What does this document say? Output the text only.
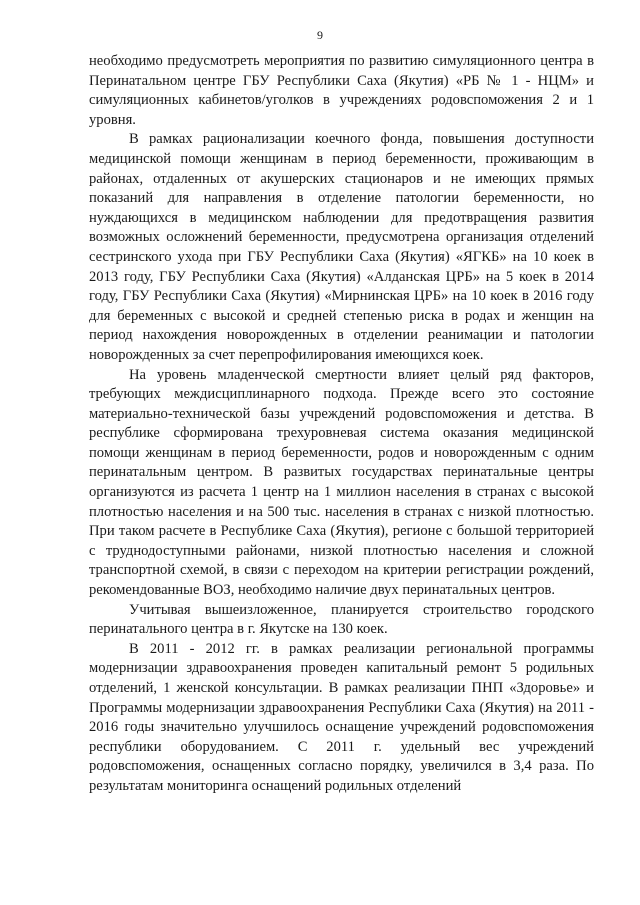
9

необходимо предусмотреть мероприятия по развитию симуляционного центра в Перинатальном центре ГБУ Республики Саха (Якутия) «РБ № 1 - НЦМ» и симуляционных кабинетов/уголков в учреждениях родовспоможения 2 и 1 уровня.

В рамках рационализации коечного фонда, повышения доступности медицинской помощи женщинам в период беременности, проживающим в районах, отдаленных от акушерских стационаров и не имеющих прямых показаний для направления в отделение патологии беременности, но нуждающихся в медицинском наблюдении для предотвращения развития возможных осложнений беременности, предусмотрена организация отделений сестринского ухода при ГБУ Республики Саха (Якутия) «ЯГКБ» на 10 коек в 2013 году, ГБУ Республики Саха (Якутия) «Алданская ЦРБ» на 5 коек в 2014 году, ГБУ Республики Саха (Якутия) «Мирнинская ЦРБ» на 10 коек в 2016 году для беременных с высокой и средней степенью риска в родах и женщин на период нахождения новорожденных в отделении реанимации и патологии новорожденных за счет перепрофилирования имеющихся коек.

На уровень младенческой смертности влияет целый ряд факторов, требующих междисциплинарного подхода. Прежде всего это состояние материально-технической базы учреждений родовспоможения и детства. В республике сформирована трехуровневая система оказания медицинской помощи женщинам в период беременности, родов и новорожденным с одним перинатальным центром. В развитых государствах перинатальные центры организуются из расчета 1 центр на 1 миллион населения в странах с высокой плотностью населения и на 500 тыс. населения в странах с низкой плотностью. При таком расчете в Республике Саха (Якутия), регионе с большой территорией с труднодоступными районами, низкой плотностью населения и сложной транспортной схемой, в связи с переходом на критерии регистрации рождений, рекомендованные ВОЗ, необходимо наличие двух перинатальных центров.

Учитывая вышеизложенное, планируется строительство городского перинатального центра в г. Якутске на 130 коек.

В 2011 - 2012 гг. в рамках реализации региональной программы модернизации здравоохранения проведен капитальный ремонт 5 родильных отделений, 1 женской консультации. В рамках реализации ПНП «Здоровье» и Программы модернизации здравоохранения Республики Саха (Якутия) на 2011 - 2016 годы значительно улучшилось оснащение учреждений родовспоможения республики оборудованием. С 2011 г. удельный вес учреждений родовспоможения, оснащенных согласно порядку, увеличился в 3,4 раза. По результатам мониторинга оснащений родильных отделений
